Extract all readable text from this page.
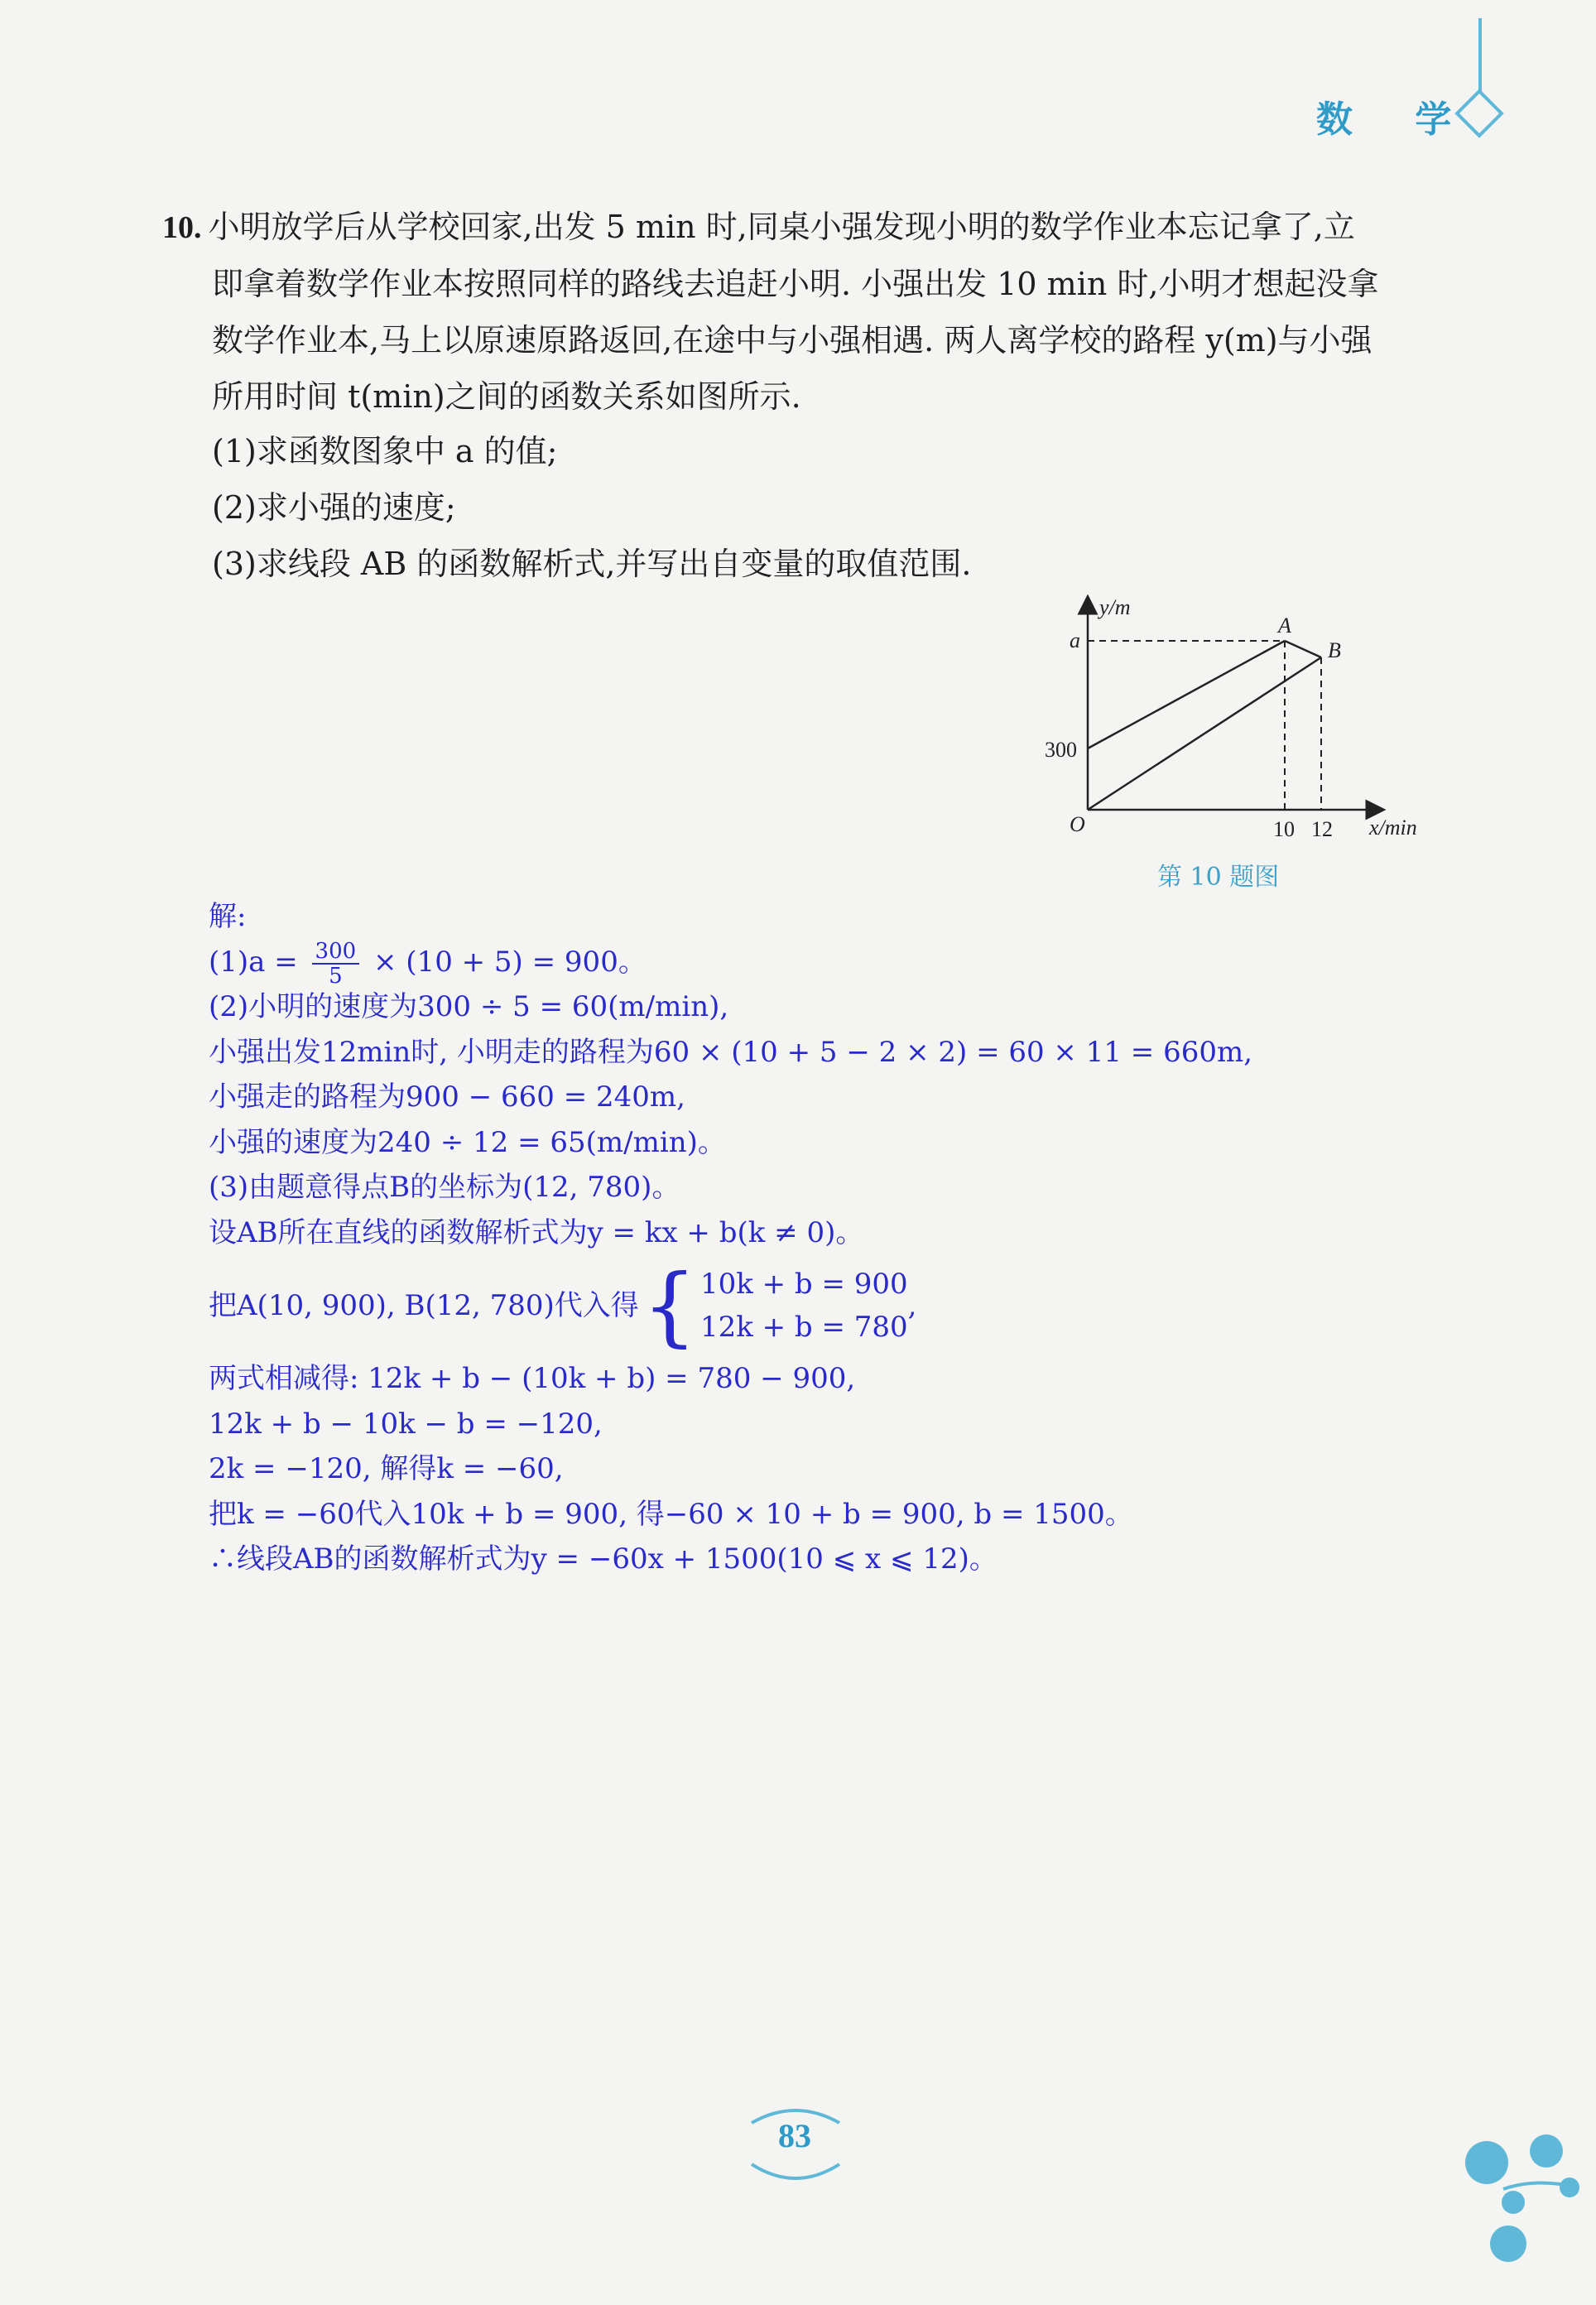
数 学
10. 小明放学后从学校回家,出发 5 min 时,同桌小强发现小明的数学作业本忘记拿了,立
即拿着数学作业本按照同样的路线去追赶小明. 小强出发 10 min 时,小明才想起没拿
数学作业本,马上以原速原路返回,在途中与小强相遇. 两人离学校的路程 y(m)与小强
所用时间 t(min)之间的函数关系如图所示.
(1)求函数图象中 a 的值;
(2)求小强的速度;
(3)求线段 AB 的函数解析式,并写出自变量的取值范围.
y/m
x/min
O
a
300
10 12
A
B
第 10 题图
解:
$(1)a = \frac{300}{5} \times (10 + 5) = 900$。
(2)小明的速度为300 ÷ 5 = 60(m/min),
小强出发12min时, 小明走的路程为60 × (10 + 5 − 2 × 2) = 60 × 11 = 660m,
小强走的路程为900 − 660 = 240m,
小强的速度为240 ÷ 12 = 65(m/min)。
(3)由题意得点B的坐标为(12, 780)。
设AB所在直线的函数解析式为y = kx + b(k ≠ 0)。
把A(10, 900), B(12, 780)代入得 { 10k + b = 900
12k + b = 780
,
两式相减得: 12k + b − (10k + b) = 780 − 900,
12k + b − 10k − b = −120,
2k = −120, 解得k = −60,
把k = −60代入10k + b = 900, 得−60 × 10 + b = 900, b = 1500。
∴线段AB的函数解析式为y = −60x + 1500(10 ⩽ x ⩽ 12)。
83
